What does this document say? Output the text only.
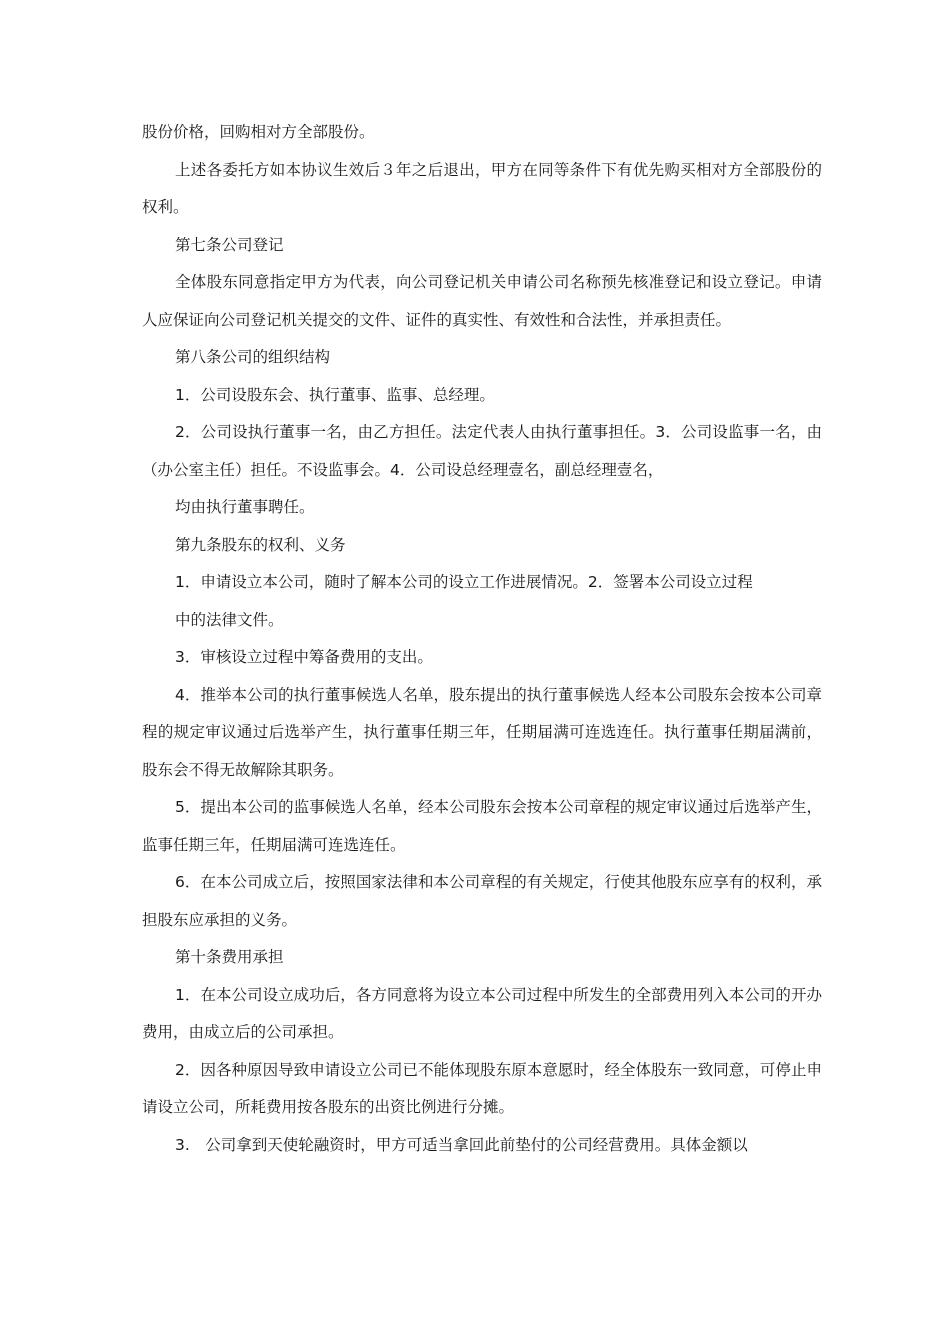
股份价格，回购相对方全部股份。

上述各委托方如本协议生效后３年之后退出，甲方在同等条件下有优先购买相对方全部股份的权利。

第七条公司登记

全体股东同意指定甲方为代表，向公司登记机关申请公司名称预先核准登记和设立登记。申请人应保证向公司登记机关提交的文件、证件的真实性、有效性和合法性，并承担责任。

第八条公司的组织结构

1．公司设股东会、执行董事、监事、总经理。

2．公司设执行董事一名，由乙方担任。法定代表人由执行董事担任。3．公司设监事一名，由（办公室主任）担任。不设监事会。4．公司设总经理壹名，副总经理壹名，

均由执行董事聘任。

第九条股东的权利、义务

1．申请设立本公司，随时了解本公司的设立工作进展情况。2．签署本公司设立过程

中的法律文件。

3．审核设立过程中筹备费用的支出。

4．推举本公司的执行董事候选人名单，股东提出的执行董事候选人经本公司股东会按本公司章程的规定审议通过后选举产生，执行董事任期三年，任期届满可连选连任。执行董事任期届满前，股东会不得无故解除其职务。

5．提出本公司的监事候选人名单，经本公司股东会按本公司章程的规定审议通过后选举产生，监事任期三年，任期届满可连选连任。

6．在本公司成立后，按照国家法律和本公司章程的有关规定，行使其他股东应享有的权利，承担股东应承担的义务。

第十条费用承担

1．在本公司设立成功后，各方同意将为设立本公司过程中所发生的全部费用列入本公司的开办费用，由成立后的公司承担。

2．因各种原因导致申请设立公司已不能体现股东原本意愿时，经全体股东一致同意，可停止申请设立公司，所耗费用按各股东的出资比例进行分摊。

3.　公司拿到天使轮融资时，甲方可适当拿回此前垫付的公司经营费用。具体金额以
